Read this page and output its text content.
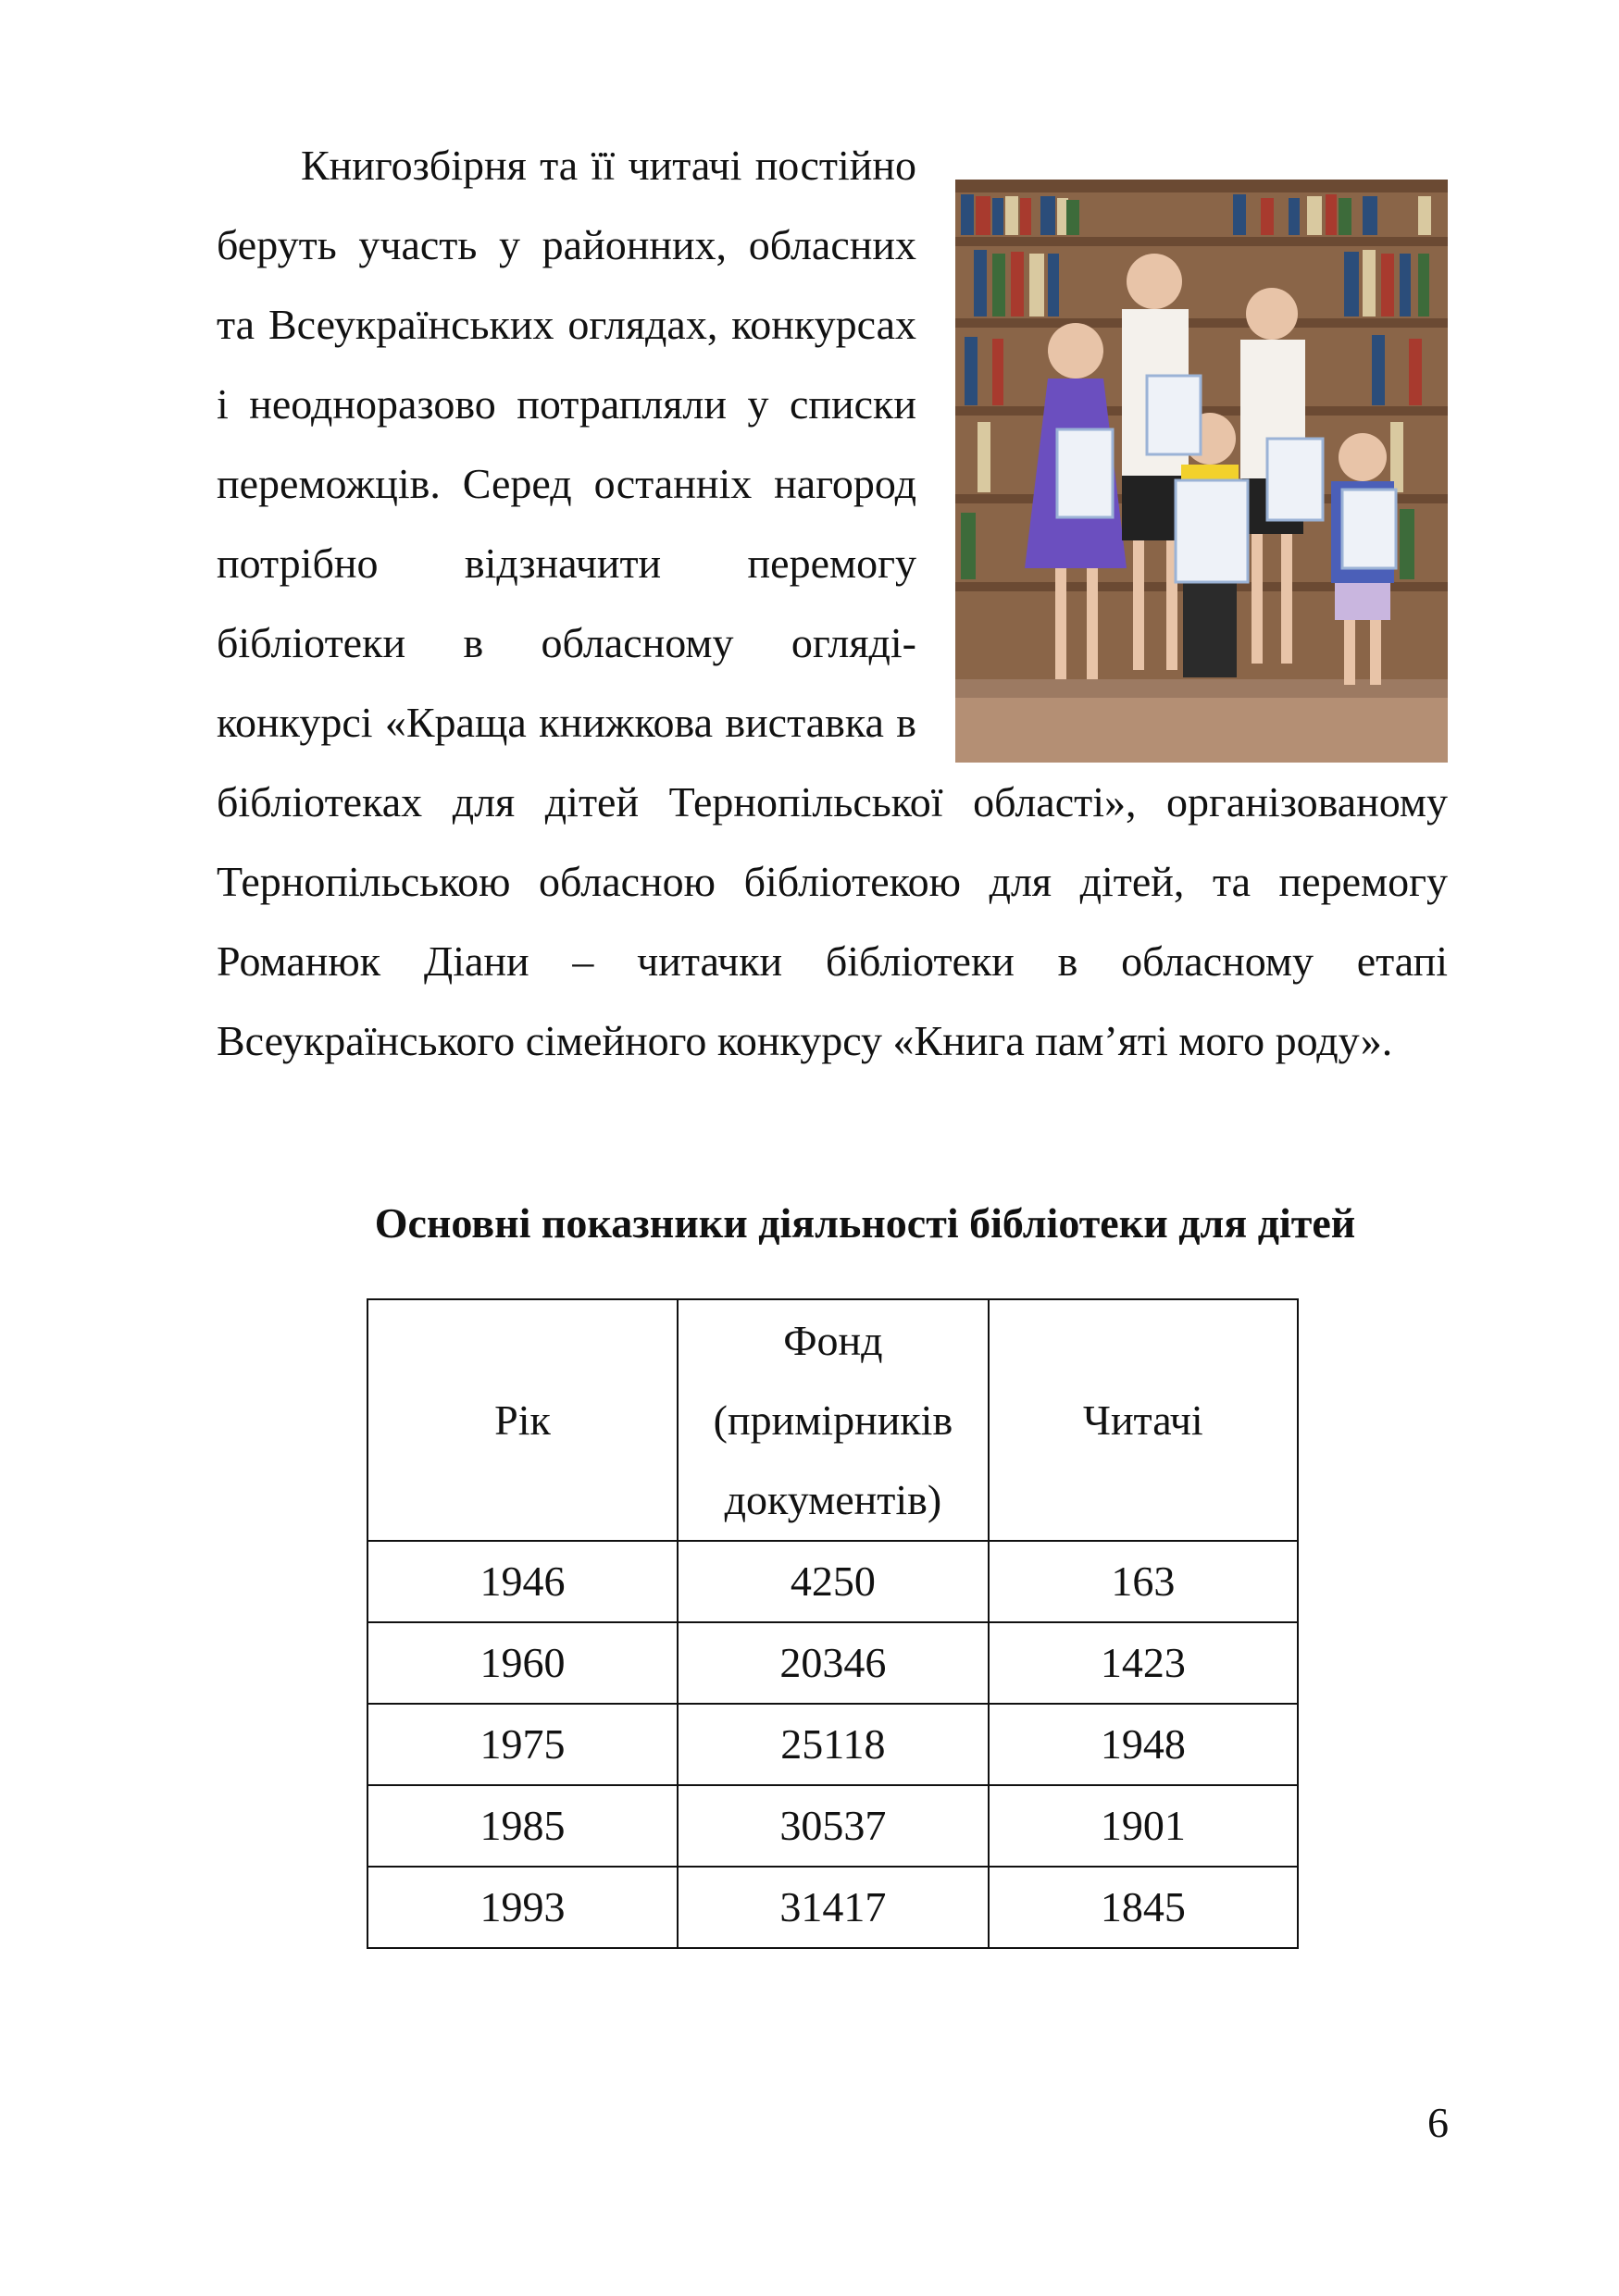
Книгозбірня та її читачі постійно беруть участь у районних, обласних та Всеукраїнських оглядах, конкурсах і неодноразово потрапляли у списки переможців. Серед останніх нагород потрібно відзначити перемогу бібліотеки в обласному огляді-конкурсі «Краща книжкова виставка в бібліотеках для дітей Тернопільської області», організованому Тернопільською обласною бібліотекою для дітей, та перемогу Романюк Діани – читачки бібліотеки в обласному етапі Всеукраїнського сімейного конкурсу «Книга пам’яті мого роду».

Основні показники діяльності бібліотеки для дітей
Рік	Фонд (примірників документів)	Читачі
1946	4250	163
1960	20346	1423
1975	25118	1948
1985	30537	1901
1993	31417	1845
6
